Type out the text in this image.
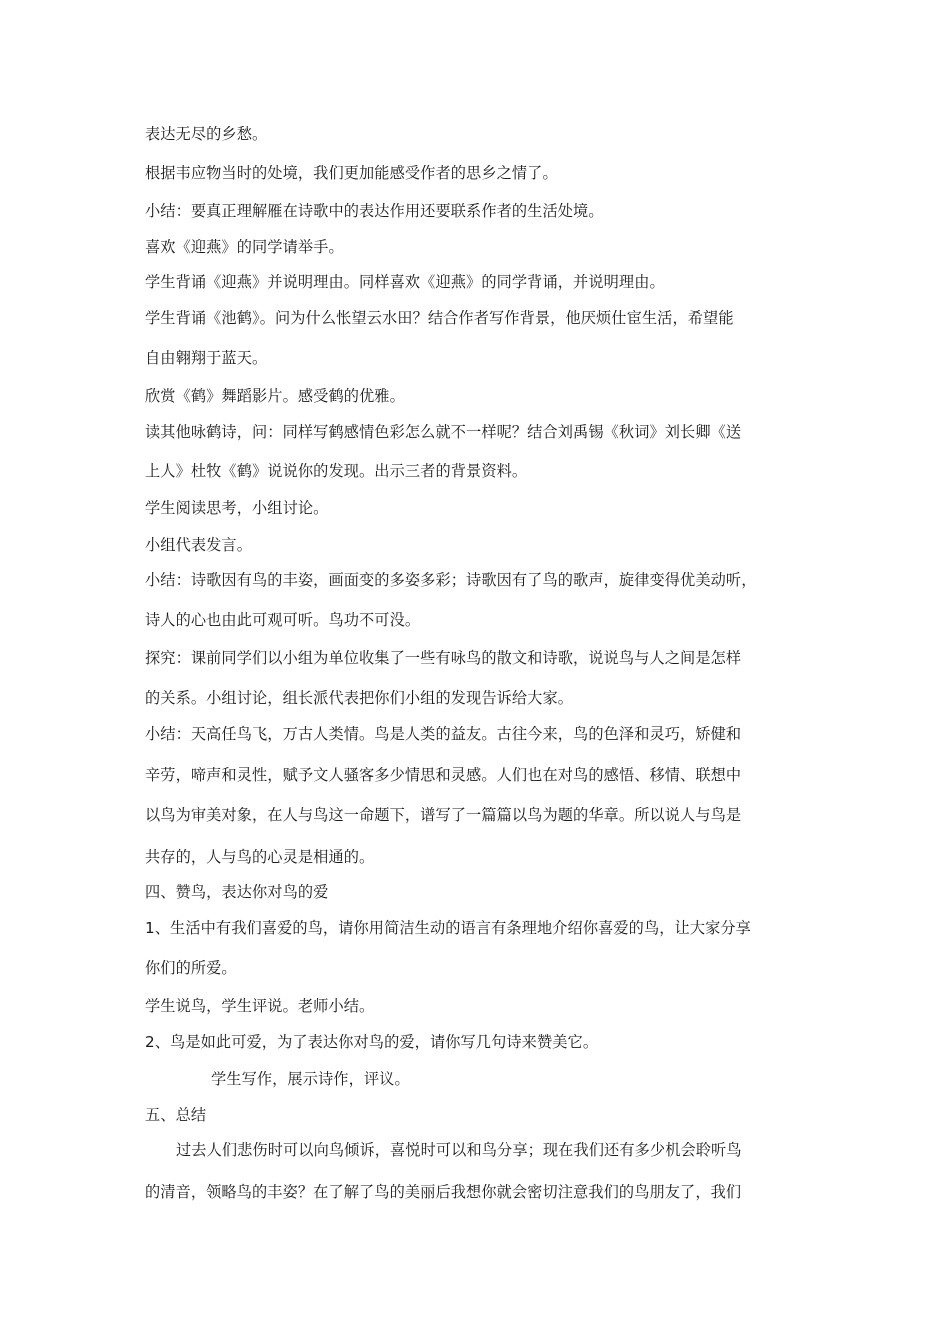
表达无尽的乡愁。
根据韦应物当时的处境，我们更加能感受作者的思乡之情了。
小结：要真正理解雁在诗歌中的表达作用还要联系作者的生活处境。
喜欢《迎燕》的同学请举手。
学生背诵《迎燕》并说明理由。同样喜欢《迎燕》的同学背诵，并说明理由。
学生背诵《池鹤》。问为什么怅望云水田？结合作者写作背景，他厌烦仕宦生活，希望能
自由翱翔于蓝天。
欣赏《鹤》舞蹈影片。感受鹤的优雅。
读其他咏鹤诗，问：同样写鹤感情色彩怎么就不一样呢？结合刘禹锡《秋词》刘长卿《送
上人》杜牧《鹤》说说你的发现。出示三者的背景资料。
学生阅读思考，小组讨论。
小组代表发言。
小结：诗歌因有鸟的丰姿，画面变的多姿多彩；诗歌因有了鸟的歌声，旋律变得优美动听，
诗人的心也由此可观可听。鸟功不可没。
探究：课前同学们以小组为单位收集了一些有咏鸟的散文和诗歌，说说鸟与人之间是怎样
的关系。小组讨论，组长派代表把你们小组的发现告诉给大家。
小结：天高任鸟飞，万古人类情。鸟是人类的益友。古往今来，鸟的色泽和灵巧，矫健和
辛劳，啼声和灵性，赋予文人骚客多少情思和灵感。人们也在对鸟的感悟、移情、联想中
以鸟为审美对象，在人与鸟这一命题下，谱写了一篇篇以鸟为题的华章。所以说人与鸟是
共存的，人与鸟的心灵是相通的。
四、赞鸟，表达你对鸟的爱
1、生活中有我们喜爱的鸟，请你用简洁生动的语言有条理地介绍你喜爱的鸟，让大家分享
你们的所爱。
学生说鸟，学生评说。老师小结。
2、鸟是如此可爱，为了表达你对鸟的爱，请你写几句诗来赞美它。
学生写作，展示诗作，评议。
五、总结
过去人们悲伤时可以向鸟倾诉，喜悦时可以和鸟分享；现在我们还有多少机会聆听鸟
的清音，领略鸟的丰姿？在了解了鸟的美丽后我想你就会密切注意我们的鸟朋友了，我们
